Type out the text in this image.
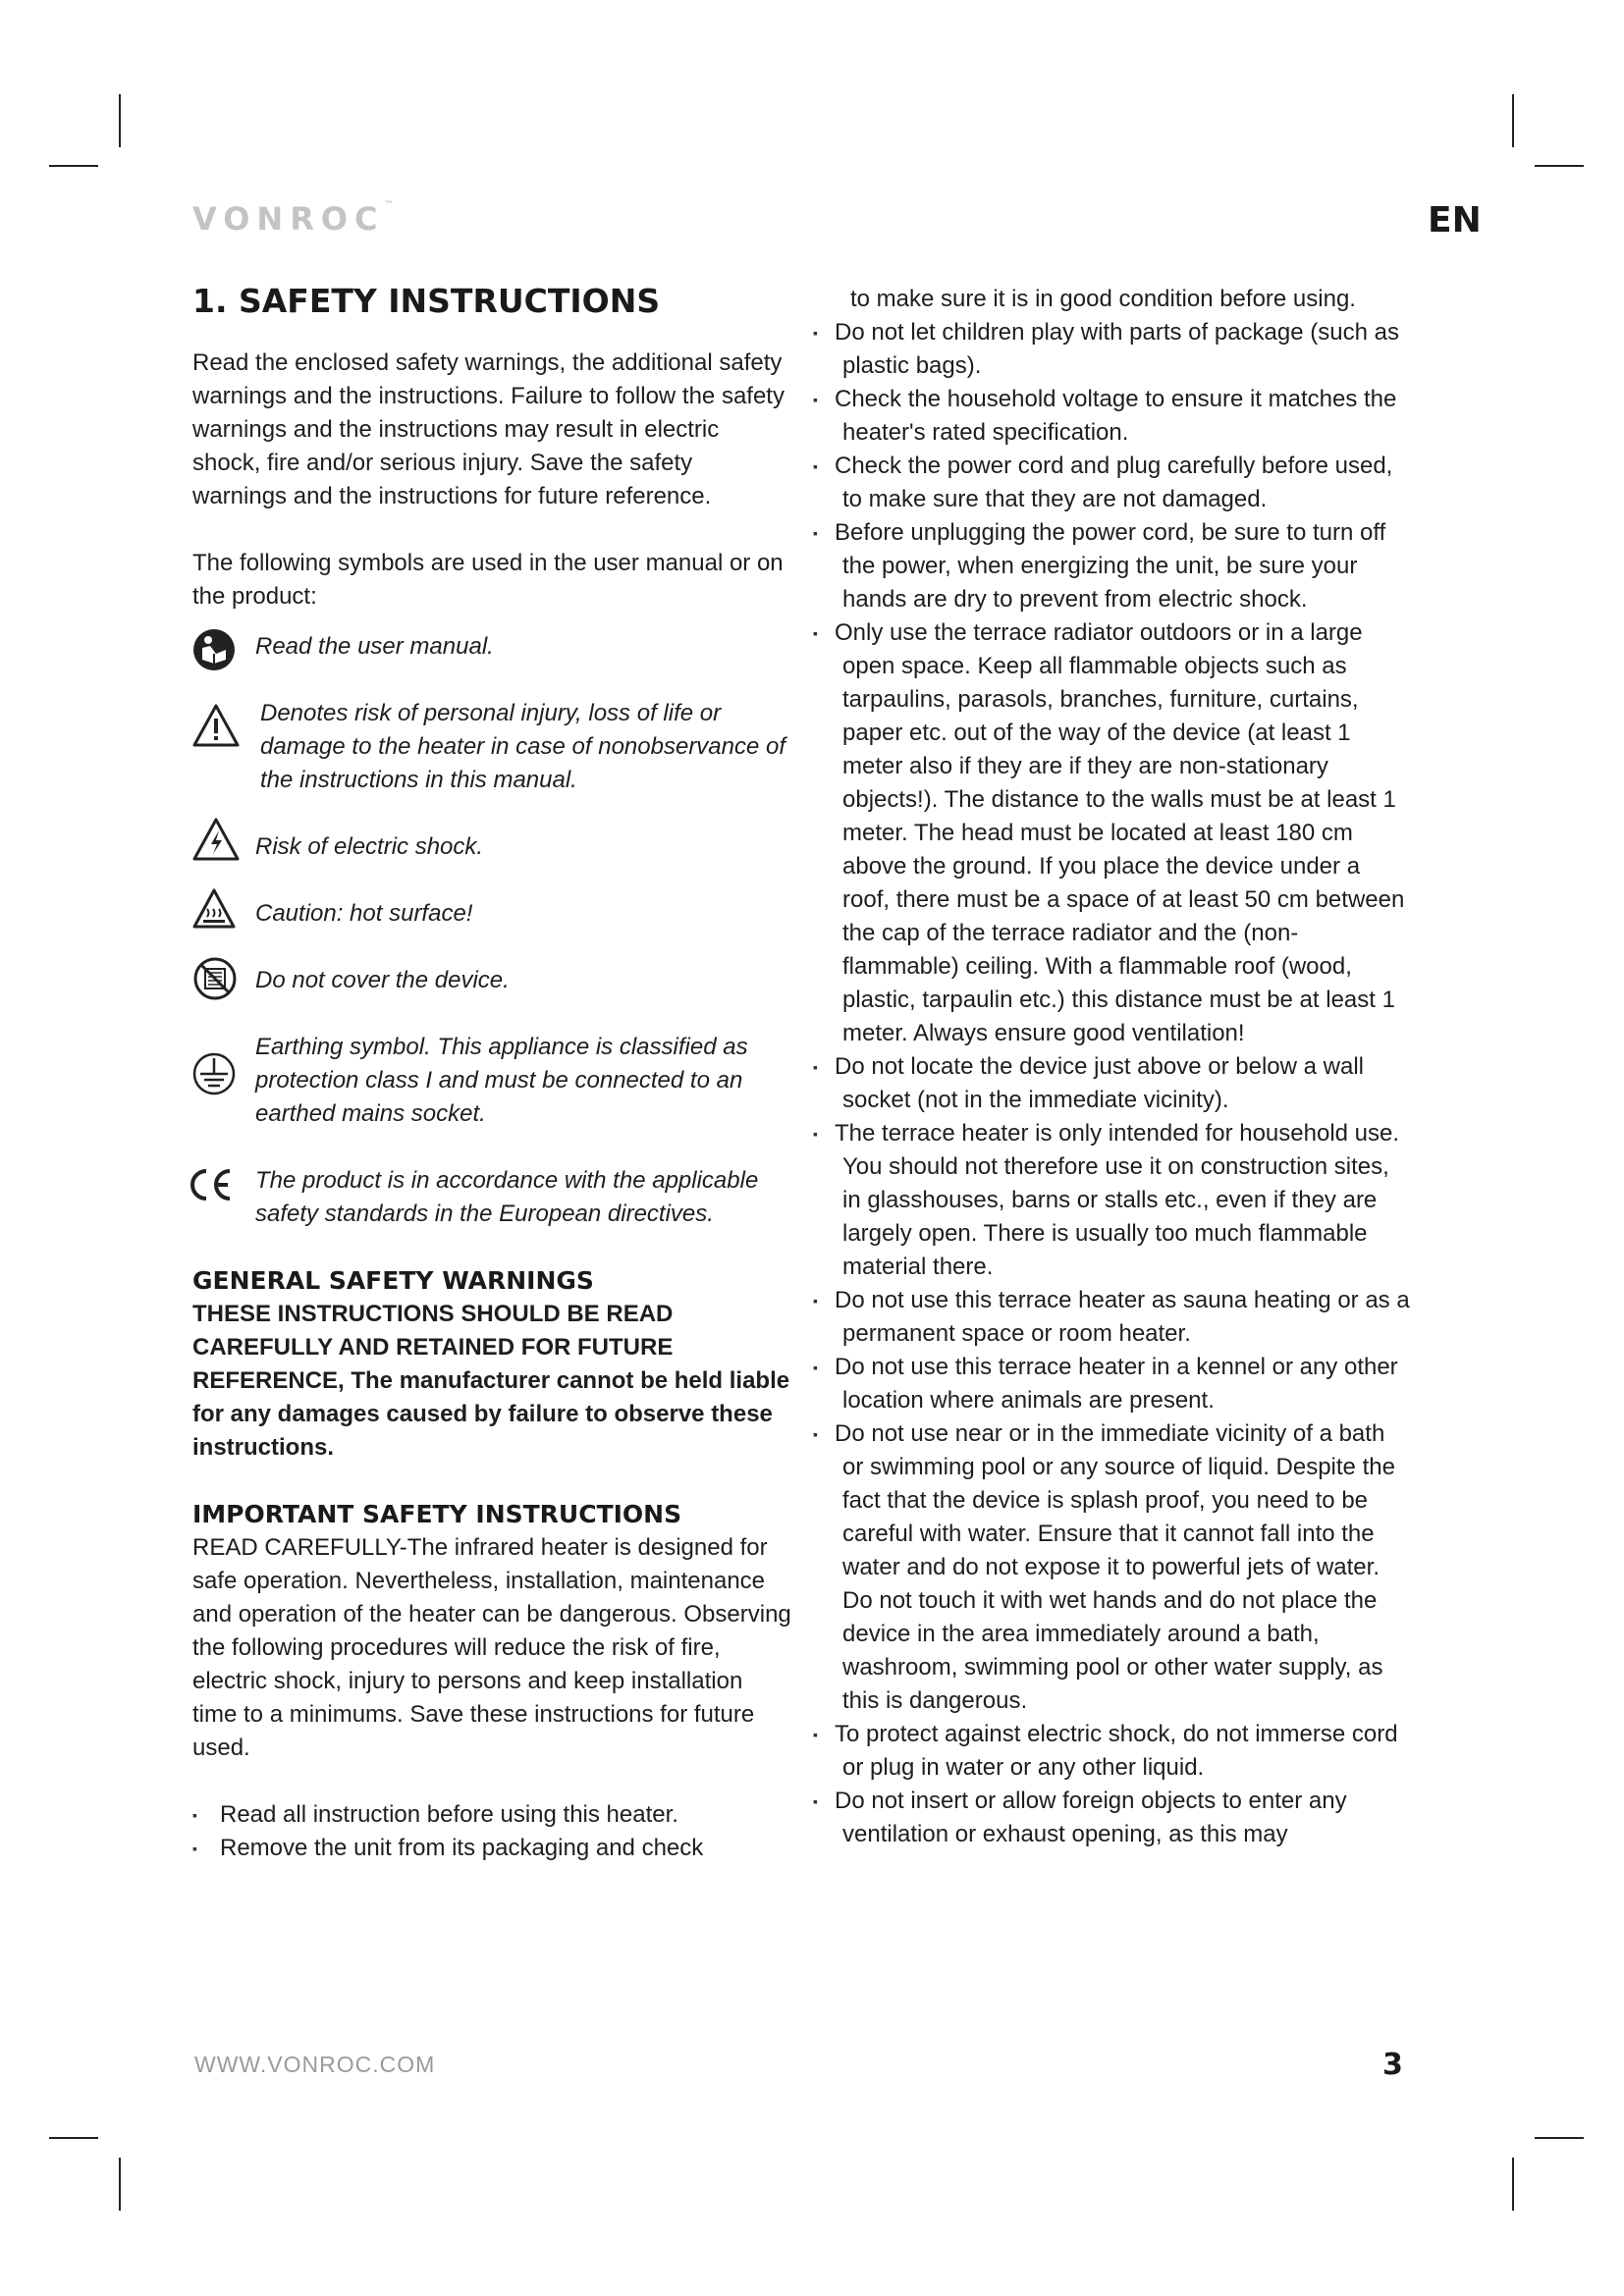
VONROC™	EN
1. SAFETY INSTRUCTIONS

Read the enclosed safety warnings, the additional safety warnings and the instructions. Failure to follow the safety warnings and the instructions may result in electric shock, fire and/or serious injury. Save the safety warnings and the instructions for future reference.

The following symbols are used in the user manual or on the product:

Read the user manual.
Denotes risk of personal injury, loss of life or damage to the heater in case of nonobservance of the instructions in this manual.
Risk of electric shock.
Caution: hot surface!
Do not cover the device.
Earthing symbol. This appliance is classified as protection class I and must be connected to an earthed mains socket.
The product is in accordance with the applicable safety standards in the European directives.
GENERAL SAFETY WARNINGS

THESE INSTRUCTIONS SHOULD BE READ CAREFULLY AND RETAINED FOR FUTURE REFERENCE, The manufacturer cannot be held liable for any damages caused by failure to observe these instructions.

IMPORTANT SAFETY INSTRUCTIONS

READ CAREFULLY-The infrared heater is designed for safe operation. Nevertheless, installation, maintenance and operation of the heater can be dangerous. Observing the following procedures will reduce the risk of fire, electric shock, injury to persons and keep installation time to a minimums. Save these instructions for future used.

▪ Read all instruction before using this heater.
▪ Remove the unit from its packaging and check

to make sure it is in good condition before using.

▪ Do not let children play with parts of package (such as plastic bags).
▪ Check the household voltage to ensure it matches the heater's rated specification.
▪ Check the power cord and plug carefully before used, to make sure that they are not damaged.
▪ Before unplugging the power cord, be sure to turn off the power, when energizing the unit, be sure your hands are dry to prevent from electric shock.
▪ Only use the terrace radiator outdoors or in a large open space. Keep all flammable objects such as tarpaulins, parasols, branches, furniture, curtains, paper etc. out of the way of the device (at least 1 meter also if they are if they are non-stationary objects!). The distance to the walls must be at least 1 meter. The head must be located at least 180 cm above the ground. If you place the device under a roof, there must be a space of at least 50 cm between the cap of the terrace radiator and the (non-flammable) ceiling. With a flammable roof (wood, plastic, tarpaulin etc.) this distance must be at least 1 meter. Always ensure good ventilation!
▪ Do not locate the device just above or below a wall socket (not in the immediate vicinity).
▪ The terrace heater is only intended for household use. You should not therefore use it on construction sites, in glasshouses, barns or stalls etc., even if they are largely open. There is usually too much flammable material there.
▪ Do not use this terrace heater as sauna heating or as a permanent space or room heater.
▪ Do not use this terrace heater in a kennel or any other location where animals are present.
▪ Do not use near or in the immediate vicinity of a bath or swimming pool or any source of liquid. Despite the fact that the device is splash proof, you need to be careful with water. Ensure that it cannot fall into the water and do not expose it to powerful jets of water. Do not touch it with wet hands and do not place the device in the area immediately around a bath, washroom, swimming pool or other water supply, as this is dangerous.
▪ To protect against electric shock, do not immerse cord or plug in water or any other liquid.
▪ Do not insert or allow foreign objects to enter any ventilation or exhaust opening, as this may
WWW.VONROC.COM	3
